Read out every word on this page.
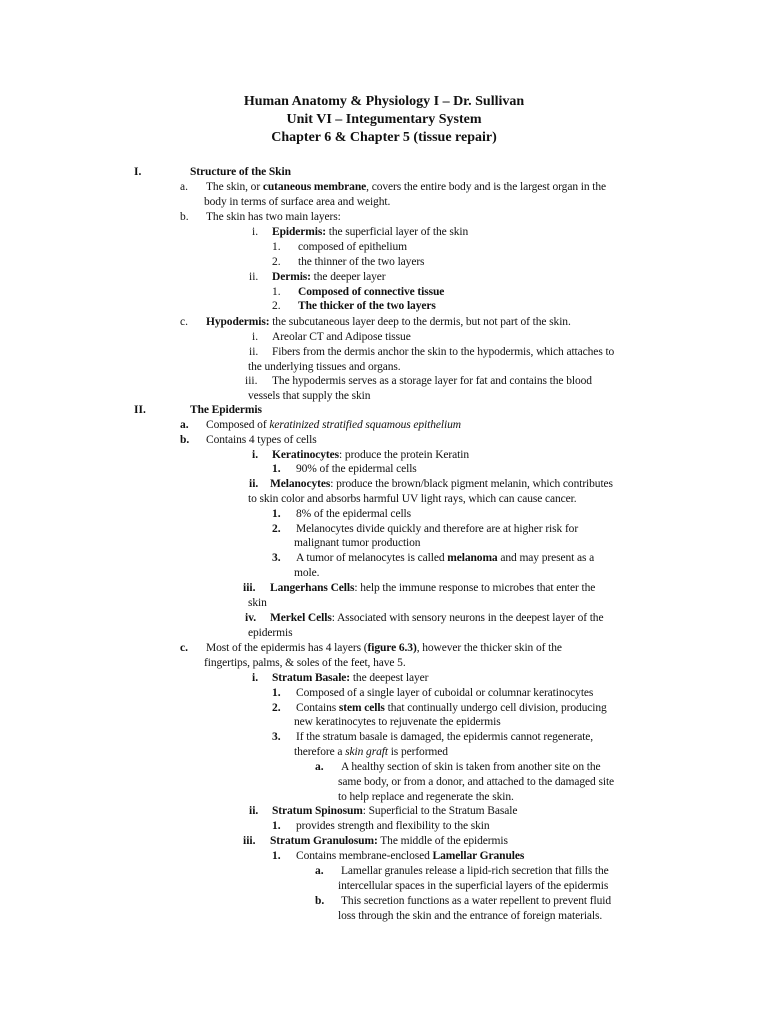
Human Anatomy & Physiology I – Dr. Sullivan
Unit VI – Integumentary System
Chapter 6 & Chapter 5 (tissue repair)
I.	Structure of the Skin
a. The skin, or cutaneous membrane, covers the entire body and is the largest organ in the
body in terms of surface area and weight.
b. The skin has two main layers:
i. Epidermis: the superficial layer of the skin
1. composed of epithelium
2. the thinner of the two layers
ii. Dermis: the deeper layer
1. Composed of connective tissue
2. The thicker of the two layers
c. Hypodermis: the subcutaneous layer deep to the dermis, but not part of the skin.
i. Areolar CT and Adipose tissue
ii. Fibers from the dermis anchor the skin to the hypodermis, which attaches to
the underlying tissues and organs.
iii. The hypodermis serves as a storage layer for fat and contains the blood
vessels that supply the skin
II.	The Epidermis
a. Composed of keratinized stratified squamous epithelium
b. Contains 4 types of cells
i. Keratinocytes: produce the protein Keratin
1. 90% of the epidermal cells
ii. Melanocytes: produce the brown/black pigment melanin, which contributes
to skin color and absorbs harmful UV light rays, which can cause cancer.
1. 8% of the epidermal cells
2. Melanocytes divide quickly and therefore are at higher risk for
malignant tumor production
3. A tumor of melanocytes is called melanoma and may present as a
mole.
iii. Langerhans Cells: help the immune response to microbes that enter the
skin
iv. Merkel Cells: Associated with sensory neurons in the deepest layer of the
epidermis
c. Most of the epidermis has 4 layers (figure 6.3), however the thicker skin of the
fingertips, palms, & soles of the feet, have 5.
i. Stratum Basale: the deepest layer
1. Composed of a single layer of cuboidal or columnar keratinocytes
2. Contains stem cells that continually undergo cell division, producing
new keratinocytes to rejuvenate the epidermis
3. If the stratum basale is damaged, the epidermis cannot regenerate,
therefore a skin graft is performed
a. A healthy section of skin is taken from another site on the
same body, or from a donor, and attached to the damaged site
to help replace and regenerate the skin.
ii. Stratum Spinosum: Superficial to the Stratum Basale
1. provides strength and flexibility to the skin
iii. Stratum Granulosum: The middle of the epidermis
1. Contains membrane-enclosed Lamellar Granules
a. Lamellar granules release a lipid-rich secretion that fills the
intercellular spaces in the superficial layers of the epidermis
b. This secretion functions as a water repellent to prevent fluid
loss through the skin and the entrance of foreign materials.
